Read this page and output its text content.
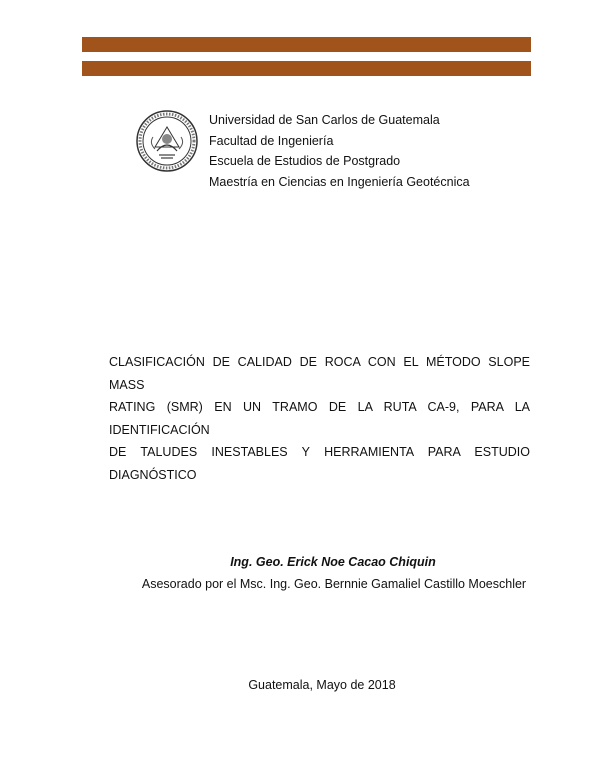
Universidad de San Carlos de Guatemala
Facultad de Ingeniería
Escuela de Estudios de Postgrado
Maestría en Ciencias en Ingeniería Geotécnica
CLASIFICACIÓN DE CALIDAD DE ROCA CON EL MÉTODO SLOPE MASS
RATING (SMR) EN UN TRAMO DE LA RUTA CA-9, PARA LA IDENTIFICACIÓN
DE TALUDES INESTABLES Y HERRAMIENTA PARA ESTUDIO
DIAGNÓSTICO
Ing. Geo. Erick Noe Cacao Chiquin
Asesorado por el Msc. Ing. Geo. Bernnie Gamaliel Castillo Moeschler
Guatemala, Mayo de 2018
